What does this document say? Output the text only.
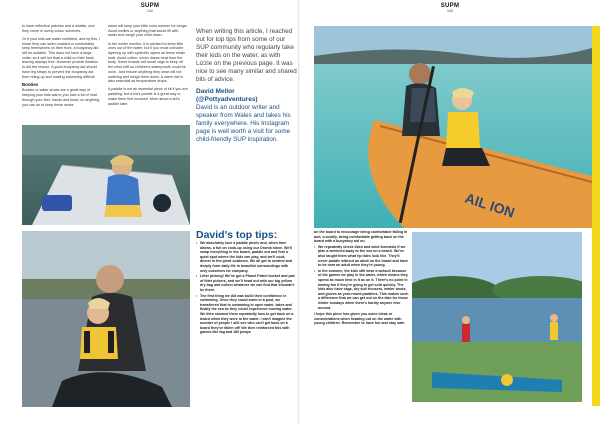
SUPM
142

to have reflective patches and a whistle, and they come in lovely colour schemes.

Or if your kids are water confident, and by this, I mean they can swim unaided or comfortably keep themselves on their front, a buoyancy aid will be suitable. This does not have a large collar, so it will not float a child on their back, leaving airways free. However provide flotation to aid the rescue. A good buoyancy aid should have leg straps to prevent the buoyancy aid from riding up and making swimming difficult.

Booties

Booties or water shoes are a great way of keeping your kids warm; you lose a lot of heat through your feet, hands and head, so anything you can do to keep these areas

warm will keep your little ones warmer for longer. Avoid wellies or anything that would fill with water and weigh your child down.

In the winter months, it is advised to keep little ones out of the water, but if you must consider layering up with synthetic layers as these retain heat. Avoid cotton, which draws heat from the body. Some brands sell small cags to keep off the wind chill so children's waterproofs could be worn. Just ensure anything they wear will not waterlog and weigh them down. A warm hat is also essential as temperature drops.

A paddle is not an essential piece of kit if you are paddling, but a kid's paddle is a great way to make them feel involved. More about a kid's paddle later.

• We absolutely love a paddle picnic and, when time allows, a full on cook-up using our Dronta stove. We'll swap everything in the board, paddle out and find a quiet spot where the kids can play, and we'll cook dinner in the great outdoors. We all get to unwind and deeply form daily life in beautiful surroundings with only ourselves for company.
• Litter picking! We've got a Planet Patrol bucket and pair of litter pickers, and we'll head out with our big yellow dry bag and collect whatever we can find that shouldn't be there.
• The first thing we did was build their confidence in swimming. Once they could swim in a pool, we transferred that to swimming in open water, lakes and finally the sea as they could experience moving water. We then showed them repeatedly how to get back on a board when they were in the water. I can't imagine the number of people I still see who can't get back on a board they've fallen off! We then reinforced this with games like tag and 180 jumps
David's top tips:
When writing this article, I reached out for top tips from some of our SUP community who regularly take their kids on the water, as with Lizzie on the previous page. It was nice to see many similar and shared bits of advice.
David Mellor
(@Pottyadventures)
David is an outdoor writer and speaker from Wales and takes his family everywhere. His Instagram page is well worth a visit for some child-friendly SUP inspiration.
SUPM
143
AIL ION
• on the board to encourage being comfortable falling in and, crucially, being comfortable getting back on the board with a buoyancy aid on.
• We repeatedly check tides and wind forecasts if we plan a weekend away to the sea on a beach. We've also taught them what rip tides look like. They'll never paddle without an adult on the board and have to be near an adult when they're young.
• In the summer, the kids still wear a wetsuit because of the games we play in the water, which means they spend as much time in it as on it. There's no point in having fun if they're going to get cold quickly. The kids also have cags, dry suit trousers, winter boots, and gloves as year-round paddlers. This makes such a difference that we can get out on the lake for those winter sundays when there's hardly anyone else around.
I hope this piece has given you some ideas or considerations when heading out on the water with young children. Remember to have fun and stay safe.
